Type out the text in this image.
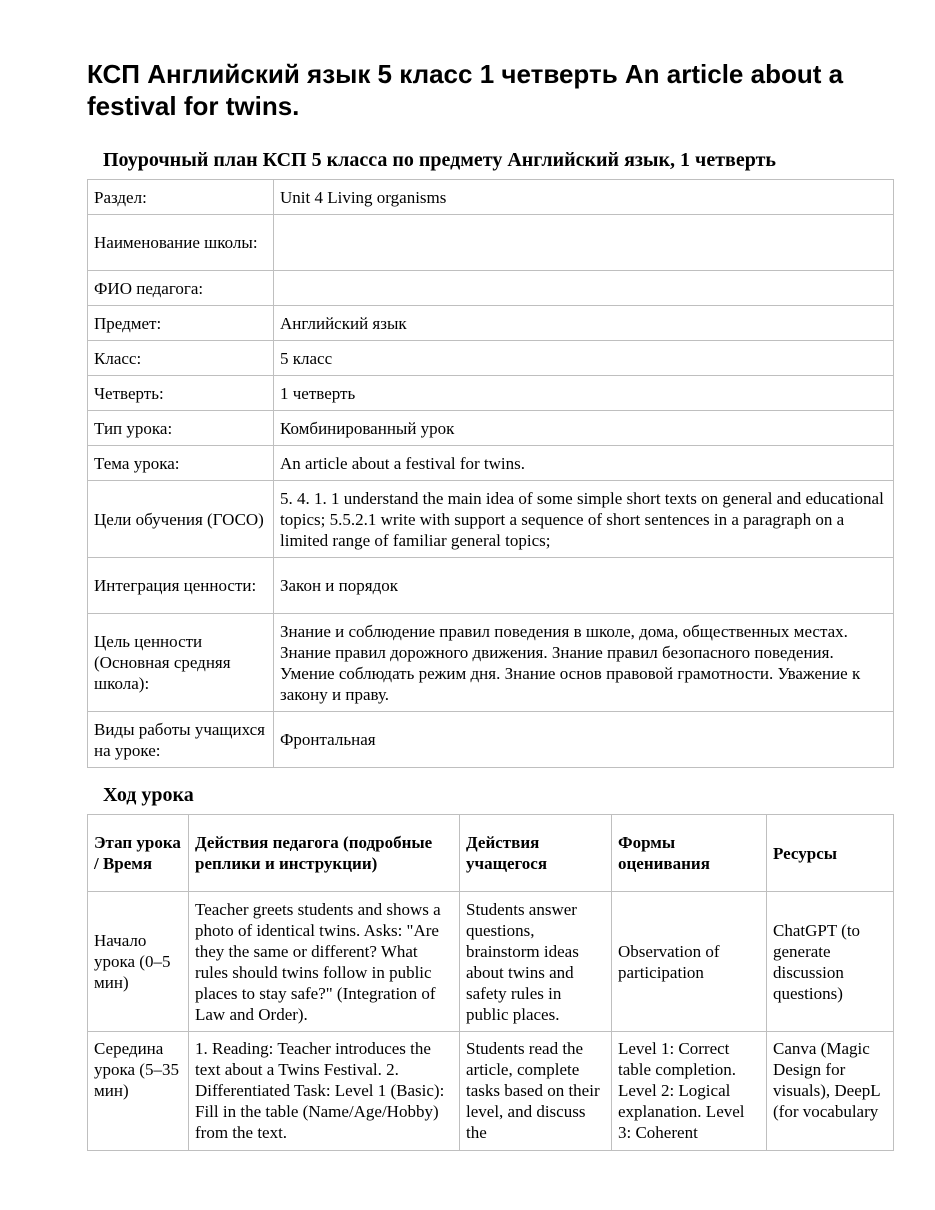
КСП Английский язык 5 класс 1 четверть An article about a festival for twins.
Поурочный план КСП 5 класса по предмету Английский язык, 1 четверть
Раздел:	Unit 4 Living organisms
Наименование школы:	
ФИО педагога:	
Предмет:	Английский язык
Класс:	5 класс
Четверть:	1 четверть
Тип урока:	Комбинированный урок
Тема урока:	An article about a festival for twins.
Цели обучения (ГОСО)	5. 4. 1. 1 understand the main idea of some simple short texts on general and educational topics; 5.5.2.1 write with support a sequence of short sentences in a paragraph on a limited range of familiar general topics;
Интеграция ценности:	Закон и порядок
Цель ценности (Основная средняя школа):	Знание и соблюдение правил поведения в школе, дома, общественных местах. Знание правил дорожного движения. Знание правил безопасного поведения. Умение соблюдать режим дня. Знание основ правовой грамотности. Уважение к закону и праву.
Виды работы учащихся на уроке:	Фронтальная
Ход урока
Этап урока / Время	Действия педагога (подробные реплики и инструкции)	Действия учащегося	Формы оценивания	Ресурсы
Начало урока (0–5 мин)	Teacher greets students and shows a photo of identical twins. Asks: "Are they the same or different? What rules should twins follow in public places to stay safe?" (Integration of Law and Order).	Students answer questions, brainstorm ideas about twins and safety rules in public places.	Observation of participation	ChatGPT (to generate discussion questions)

Середина урока (5–35 мин)	1. Reading: Teacher introduces the text about a Twins Festival. 2. Differentiated Task: Level 1 (Basic): Fill in the table (Name/Age/Hobby) from the text.	Students read the article, complete tasks based on their level, and discuss the	Level 1: Correct table completion. Level 2: Logical explanation. Level 3: Coherent	Canva (Magic Design for visuals), DeepL (for vocabulary
